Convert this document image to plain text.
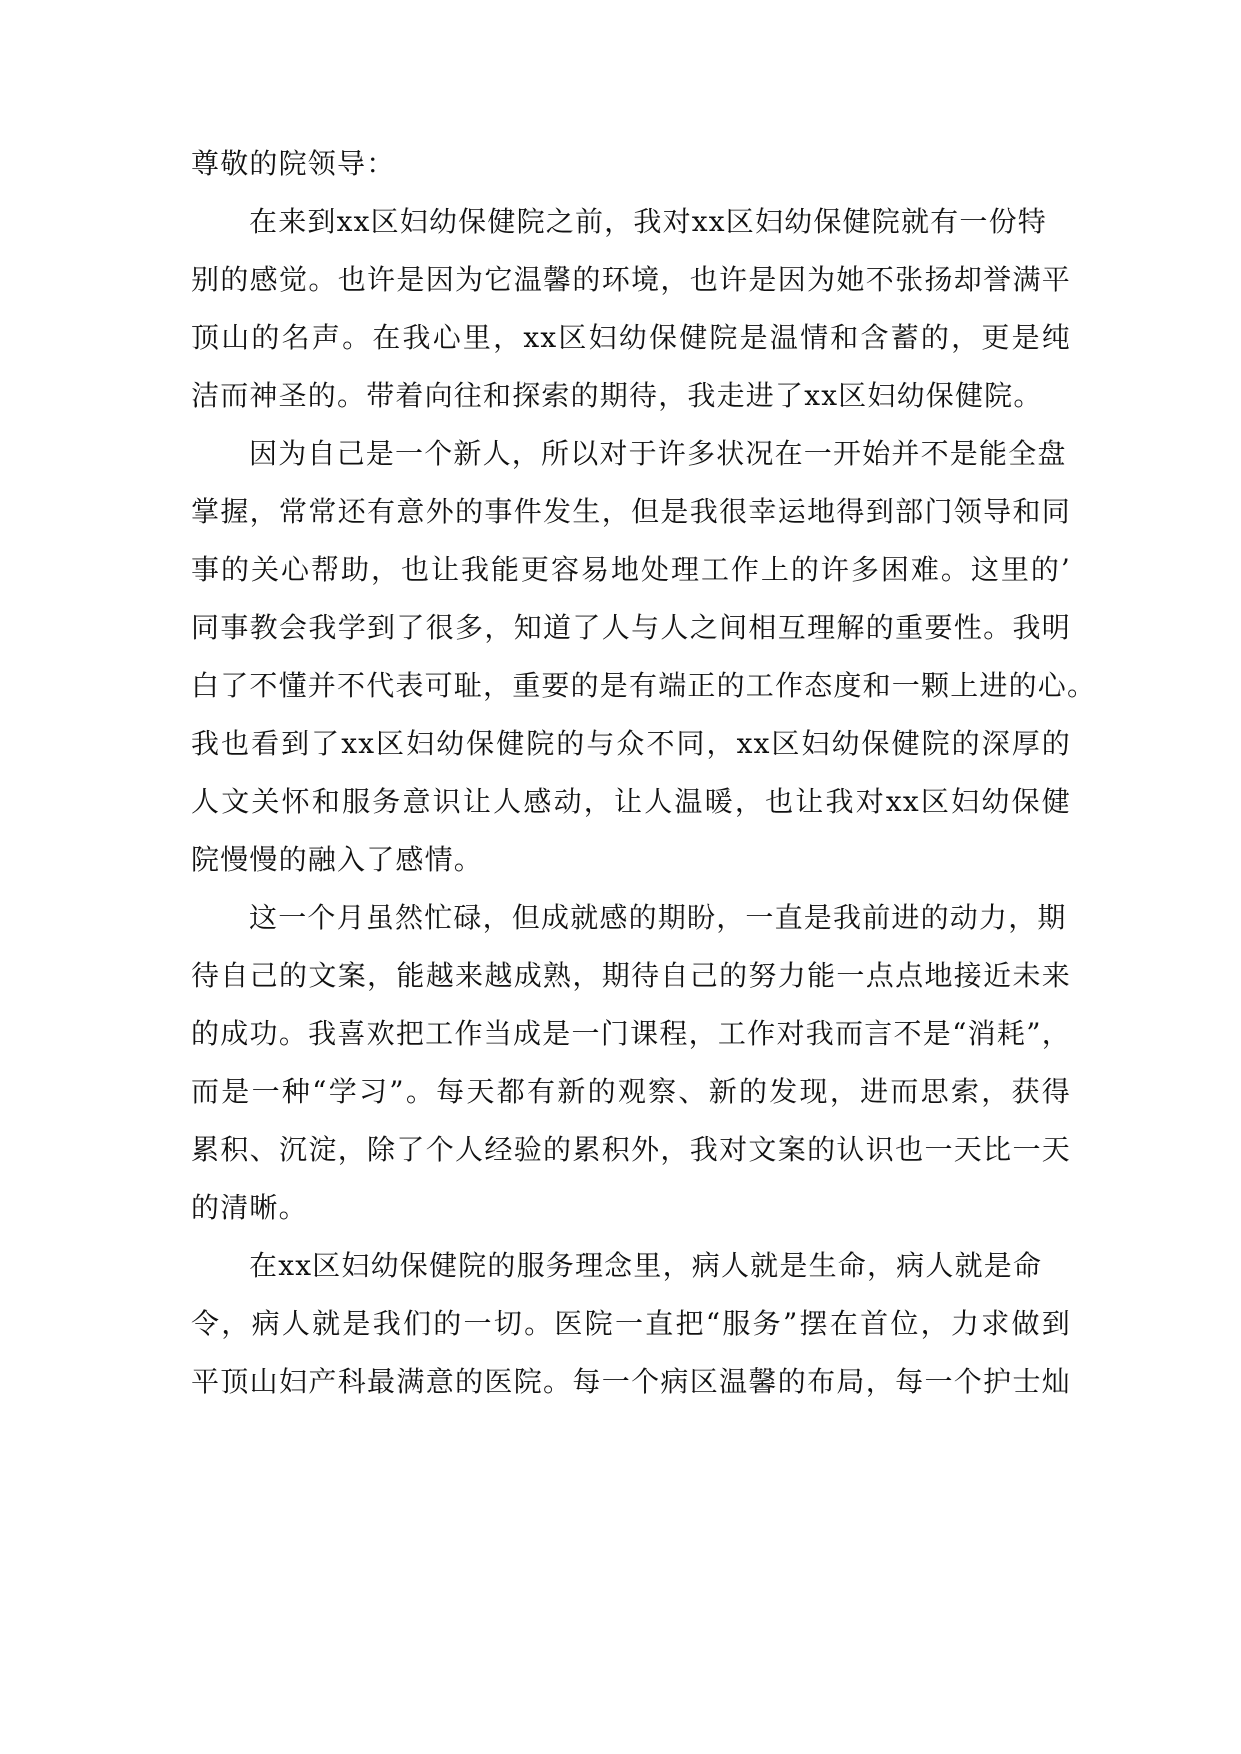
尊敬的院领导：
在来到xx区妇幼保健院之前，我对xx区妇幼保健院就有一份特
别的感觉。也许是因为它温馨的环境，也许是因为她不张扬却誉满平
顶山的名声。在我心里，xx区妇幼保健院是温情和含蓄的，更是纯
洁而神圣的。带着向往和探索的期待，我走进了xx区妇幼保健院。
因为自己是一个新人，所以对于许多状况在一开始并不是能全盘
掌握，常常还有意外的事件发生，但是我很幸运地得到部门领导和同
事的关心帮助，也让我能更容易地处理工作上的许多困难。这里的’
同事教会我学到了很多，知道了人与人之间相互理解的重要性。我明
白了不懂并不代表可耻，重要的是有端正的工作态度和一颗上进的心。
我也看到了xx区妇幼保健院的与众不同，xx区妇幼保健院的深厚的
人文关怀和服务意识让人感动，让人温暖，也让我对xx区妇幼保健
院慢慢的融入了感情。
这一个月虽然忙碌，但成就感的期盼，一直是我前进的动力，期
待自己的文案，能越来越成熟，期待自己的努力能一点点地接近未来
的成功。我喜欢把工作当成是一门课程，工作对我而言不是“消耗”，
而是一种“学习”。每天都有新的观察、新的发现，进而思索，获得
累积、沉淀，除了个人经验的累积外，我对文案的认识也一天比一天
的清晰。
在xx区妇幼保健院的服务理念里，病人就是生命，病人就是命
令，病人就是我们的一切。医院一直把“服务”摆在首位，力求做到
平顶山妇产科最满意的医院。每一个病区温馨的布局，每一个护士灿
